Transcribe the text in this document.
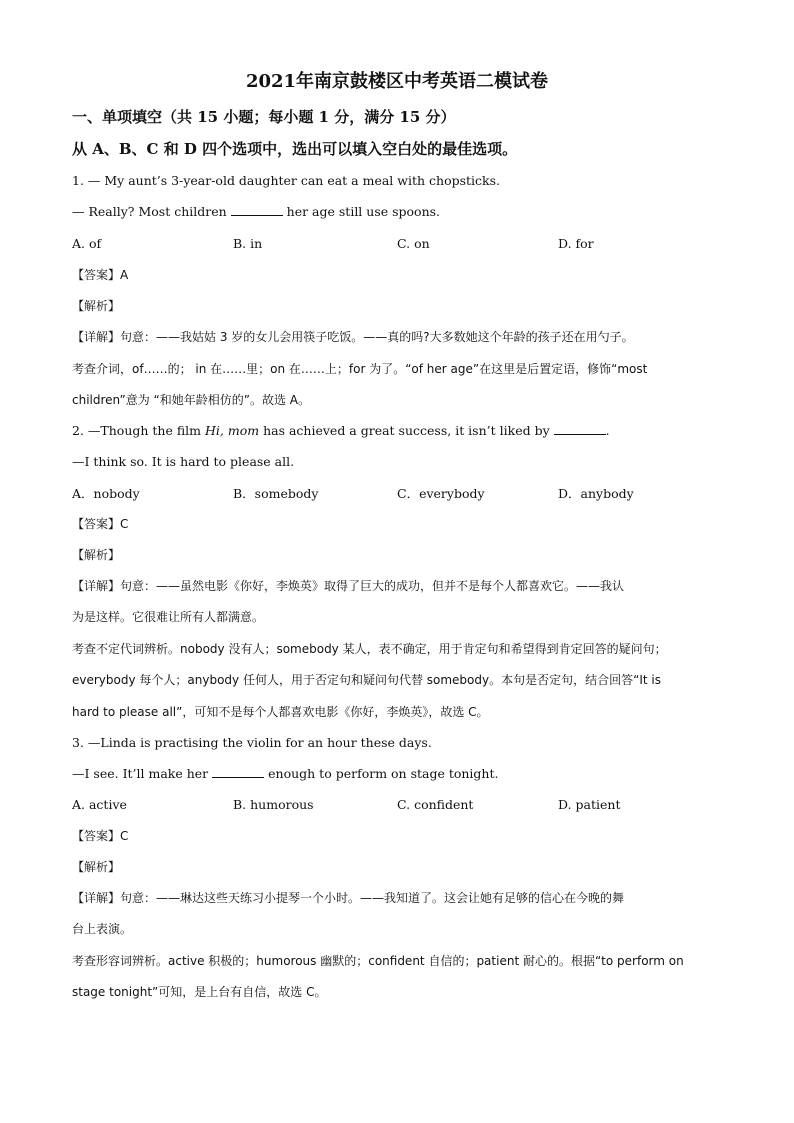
2021年南京鼓楼区中考英语二模试卷
一、单项填空（共 15 小题；每小题 1 分，满分 15 分）
从 A、B、C 和 D 四个选项中，选出可以填入空白处的最佳选项。
1. — My aunt’s 3-year-old daughter can eat a meal with chopsticks.
— Really? Most children	her age still use spoons.
A. of	B. in	C. on	D. for
【答案】A
【解析】
【详解】句意：——我姑姑 3 岁的女儿会用筷子吃饭。——真的吗?大多数她这个年龄的孩子还在用勺子。
考查介词，of……的； in 在……里；on 在……上；for 为了。“of her age”在这里是后置定语，修饰“most
children”意为 “和她年龄相仿的”。故选 A。
2. —Though the film Hi, mom has achieved a great success, it isn’t liked by	.
—I think so. It is hard to please all.
A．nobody	B．somebody	C．everybody	D．anybody
【答案】C
【解析】
【详解】句意：——虽然电影《你好，李焕英》取得了巨大的成功，但并不是每个人都喜欢它。——我认
为是这样。它很难让所有人都满意。
考查不定代词辨析。nobody 没有人；somebody 某人，表不确定，用于肯定句和希望得到肯定回答的疑问句；
everybody 每个人；anybody 任何人，用于否定句和疑问句代替 somebody。本句是否定句，结合回答“It is
hard to please all”，可知不是每个人都喜欢电影《你好，李焕英》，故选 C。
3. —Linda is practising the violin for an hour these days.
—I see. It’ll make her	enough to perform on stage tonight.
A. active	B. humorous	C. confident	D. patient
【答案】C
【解析】
【详解】句意：——琳达这些天练习小提琴一个小时。——我知道了。这会让她有足够的信心在今晚的舞
台上表演。
考查形容词辨析。active 积极的；humorous 幽默的；confident 自信的；patient 耐心的。根据“to perform on
stage tonight”可知，是上台有自信，故选 C。
